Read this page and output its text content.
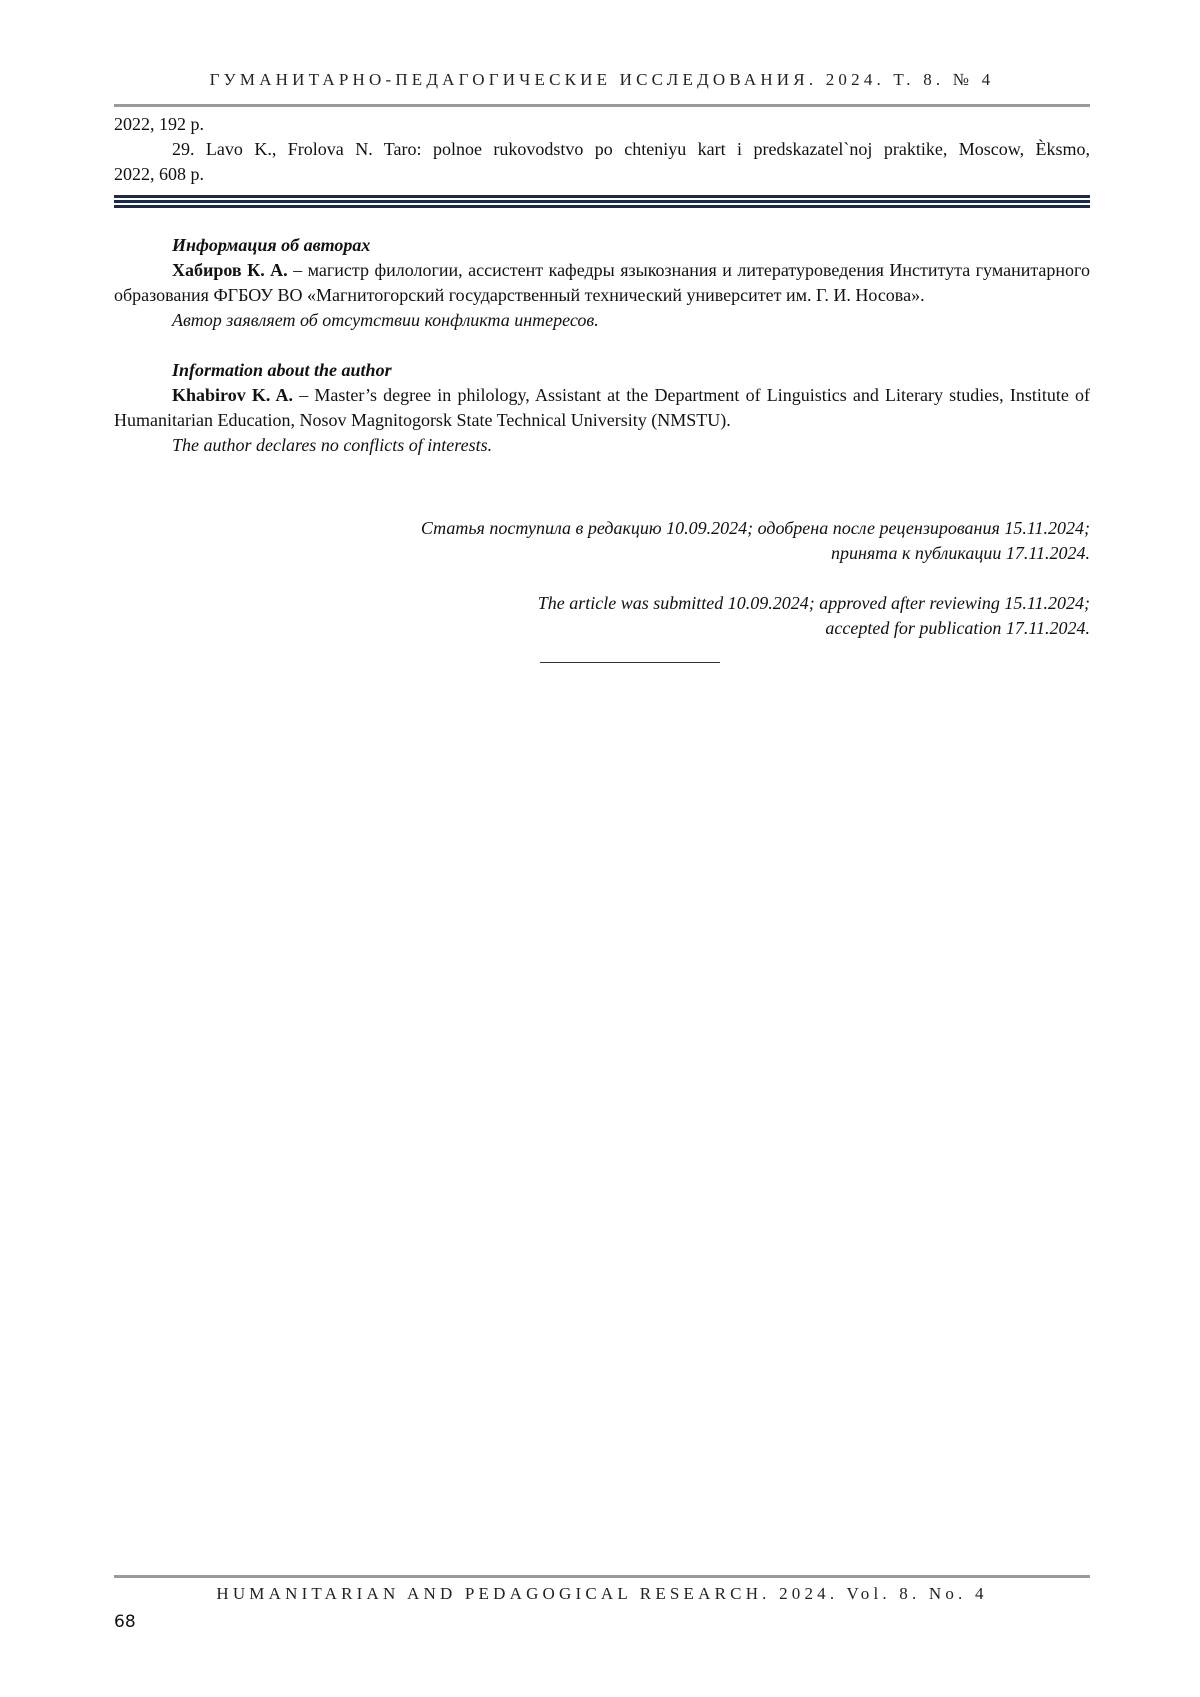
ГУМАНИТАРНО-ПЕДАГОГИЧЕСКИЕ ИССЛЕДОВАНИЯ. 2024. Т. 8. № 4

2022, 192 p.

29. Lavo K., Frolova N. Taro: polnoe rukovodstvo po chteniyu kart i predskazatel`noj praktike, Moscow, Èksmo,

2022, 608 p.

Информация об авторах

Хабиров К. А. – магистр филологии, ассистент кафедры языкознания и литературоведения Института гуманитарного образования ФГБОУ ВО «Магнитогорский государственный технический университет им. Г. И. Носова».

Автор заявляет об отсутствии конфликта интересов.

Information about the author

Khabirov K. A. – Master’s degree in philology, Assistant at the Department of Linguistics and Literary studies, Institute of Humanitarian Education, Nosov Magnitogorsk State Technical University (NMSTU).

The author declares no conflicts of interests.

Статья поступила в редакцию 10.09.2024; одобрена после рецензирования 15.11.2024;

принята к публикации 17.11.2024.

The article was submitted 10.09.2024; approved after reviewing 15.11.2024;

accepted for publication 17.11.2024.

HUMANITARIAN AND PEDAGOGICAL RESEARCH. 2024. Vol. 8. No. 4
68
